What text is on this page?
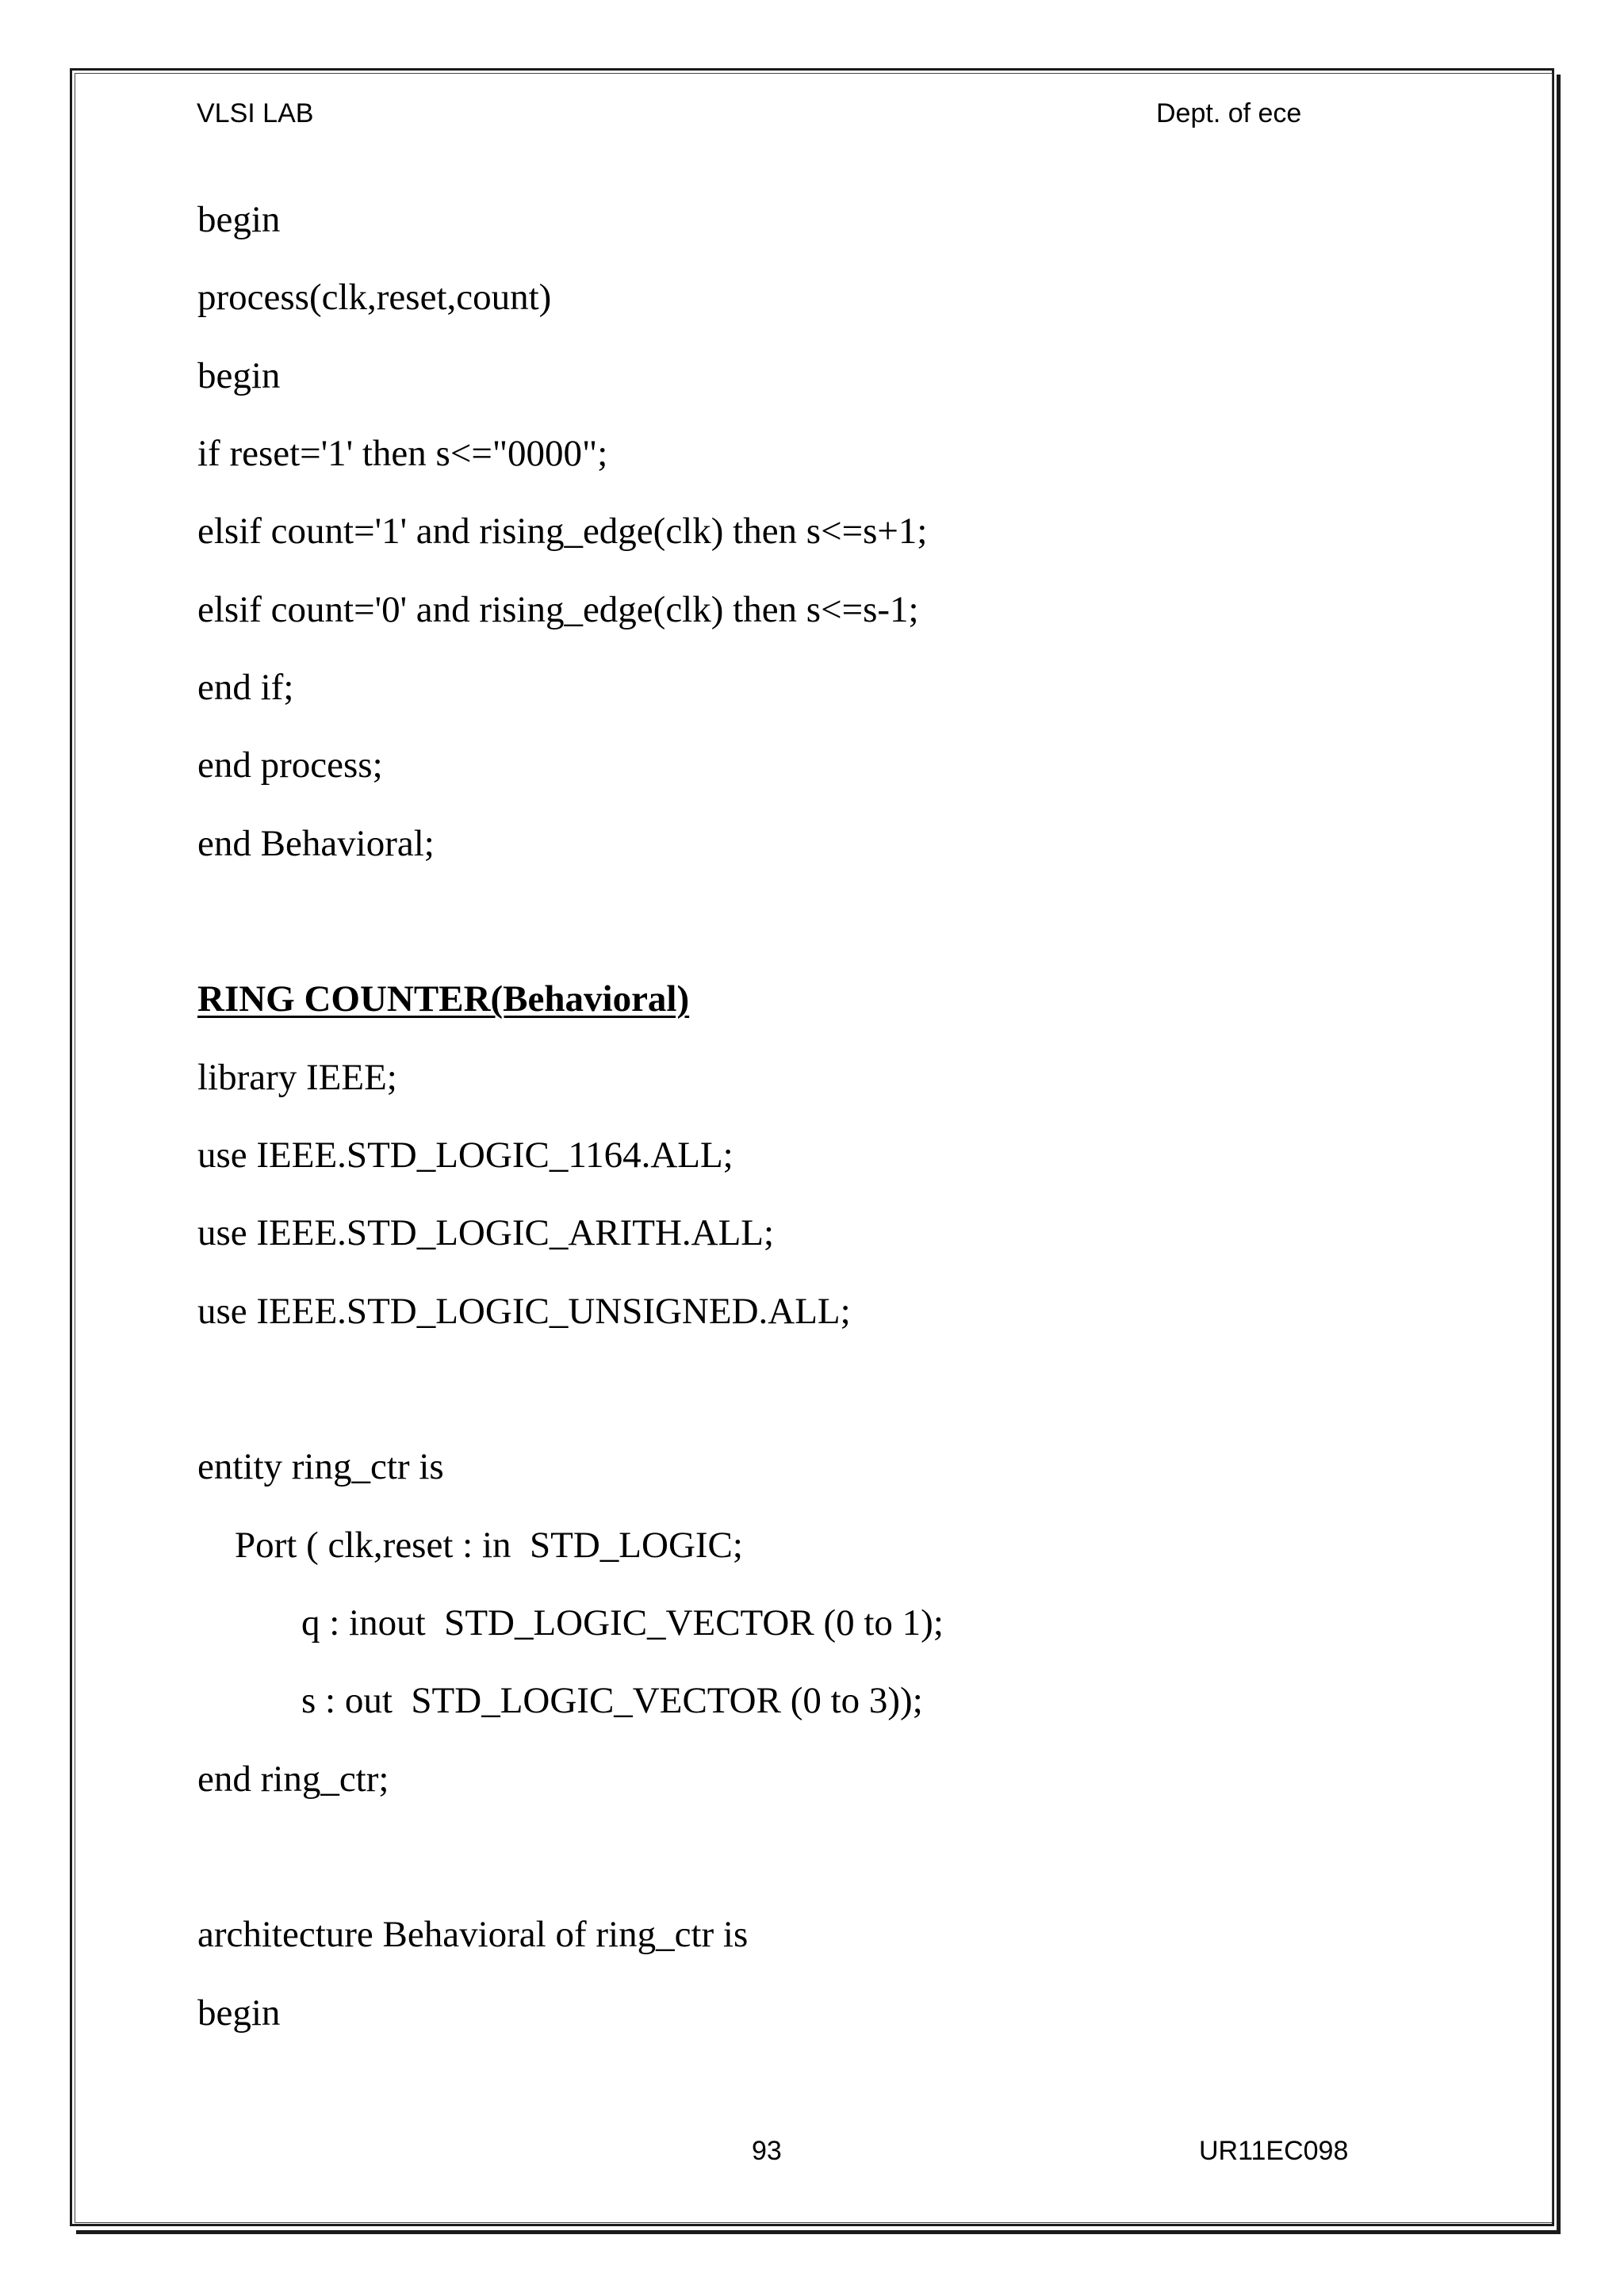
VLSI LAB	Dept. of ece
begin
process(clk,reset,count)
begin
if reset='1' then s<="0000";
elsif count='1' and rising_edge(clk) then s<=s+1;
elsif count='0' and rising_edge(clk) then s<=s-1;
end if;
end process;
end Behavioral;
RING COUNTER(Behavioral)
library IEEE;
use IEEE.STD_LOGIC_1164.ALL;
use IEEE.STD_LOGIC_ARITH.ALL;
use IEEE.STD_LOGIC_UNSIGNED.ALL;
entity ring_ctr is
Port ( clk,reset : in  STD_LOGIC;
q : inout  STD_LOGIC_VECTOR (0 to 1);
s : out  STD_LOGIC_VECTOR (0 to 3));
end ring_ctr;
architecture Behavioral of ring_ctr is
begin
93	UR11EC098
